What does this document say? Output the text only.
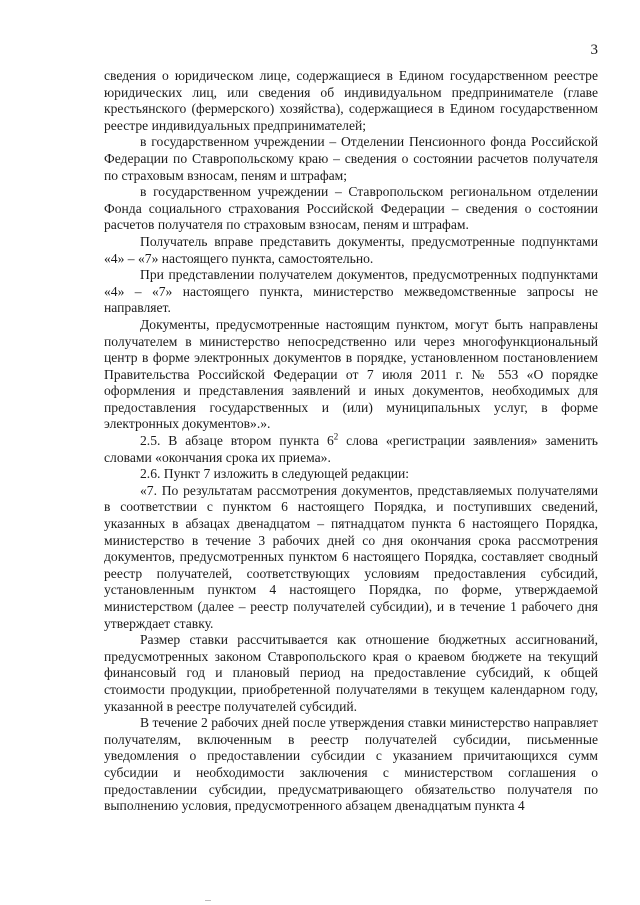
3

сведения о юридическом лице, содержащиеся в Едином государственном реестре юридических лиц, или сведения об индивидуальном предпринимателе (главе крестьянского (фермерского) хозяйства), содержащиеся в Едином государственном реестре индивидуальных предпринимателей;

в государственном учреждении – Отделении Пенсионного фонда Российской Федерации по Ставропольскому краю – сведения о состоянии расчетов получателя по страховым взносам, пеням и штрафам;

в государственном учреждении – Ставропольском региональном отделении Фонда социального страхования Российской Федерации – сведения о состоянии расчетов получателя по страховым взносам, пеням и штрафам.

Получатель вправе представить документы, предусмотренные подпунктами «4» – «7» настоящего пункта, самостоятельно.

При представлении получателем документов, предусмотренных подпунктами «4» – «7» настоящего пункта, министерство межведомственные запросы не направляет.

Документы, предусмотренные настоящим пунктом, могут быть направлены получателем в министерство непосредственно или через многофункциональный центр в форме электронных документов в порядке, установленном постановлением Правительства Российской Федерации от 7 июля 2011 г. № 553 «О порядке оформления и представления заявлений и иных документов, необходимых для предоставления государственных и (или) муниципальных услуг, в форме электронных документов».».

2.5. В абзаце втором пункта $6^2$ слова «регистрации заявления» заменить словами «окончания срока их приема».

2.6. Пункт 7 изложить в следующей редакции:

«7. По результатам рассмотрения документов, представляемых получателями в соответствии с пунктом 6 настоящего Порядка, и поступивших сведений, указанных в абзацах двенадцатом – пятнадцатом пункта 6 настоящего Порядка, министерство в течение 3 рабочих дней со дня окончания срока рассмотрения документов, предусмотренных пунктом 6 настоящего Порядка, составляет сводный реестр получателей, соответствующих условиям предоставления субсидий, установленным пунктом 4 настоящего Порядка, по форме, утверждаемой министерством (далее – реестр получателей субсидии), и в течение 1 рабочего дня утверждает ставку.

Размер ставки рассчитывается как отношение бюджетных ассигнований, предусмотренных законом Ставропольского края о краевом бюджете на текущий финансовый год и плановый период на предоставление субсидий, к общей стоимости продукции, приобретенной получателями в текущем календарном году, указанной в реестре получателей субсидий.

В течение 2 рабочих дней после утверждения ставки министерство направляет получателям, включенным в реестр получателей субсидии, письменные уведомления о предоставлении субсидии с указанием причитающихся сумм субсидии и необходимости заключения с министерством соглашения о предоставлении субсидии, предусматривающего обязательство получателя по выполнению условия, предусмотренного абзацем двенадцатым пункта 4
